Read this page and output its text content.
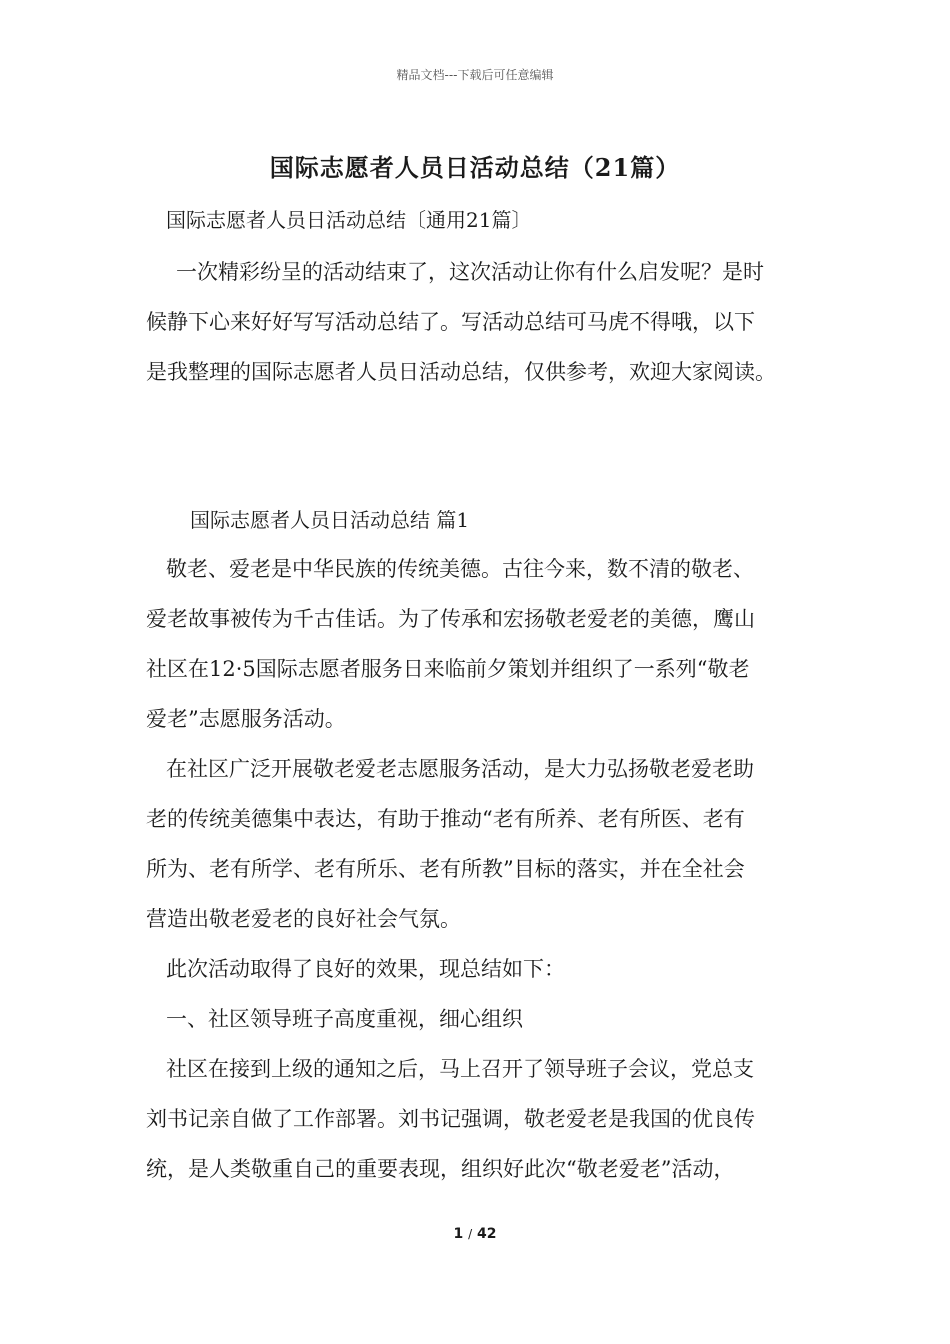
精品文档---下载后可任意编辑
国际志愿者人员日活动总结（21篇）

国际志愿者人员日活动总结〔通用21篇〕

一次精彩纷呈的活动结束了，这次活动让你有什么启发呢？是时

候静下心来好好写写活动总结了。写活动总结可马虎不得哦，以下

是我整理的国际志愿者人员日活动总结，仅供参考，欢迎大家阅读。

国际志愿者人员日活动总结 篇1

敬老、爱老是中华民族的传统美德。古往今来，数不清的敬老、

爱老故事被传为千古佳话。为了传承和宏扬敬老爱老的美德，鹰山

社区在12·5国际志愿者服务日来临前夕策划并组织了一系列“敬老

爱老”志愿服务活动。

在社区广泛开展敬老爱老志愿服务活动，是大力弘扬敬老爱老助

老的传统美德集中表达，有助于推动“老有所养、老有所医、老有

所为、老有所学、老有所乐、老有所教”目标的落实，并在全社会

营造出敬老爱老的良好社会气氛。

此次活动取得了良好的效果，现总结如下：

一、社区领导班子高度重视，细心组织

社区在接到上级的通知之后，马上召开了领导班子会议，党总支

刘书记亲自做了工作部署。刘书记强调，敬老爱老是我国的优良传

统，是人类敬重自己的重要表现，组织好此次“敬老爱老”活动，

1 / 42
